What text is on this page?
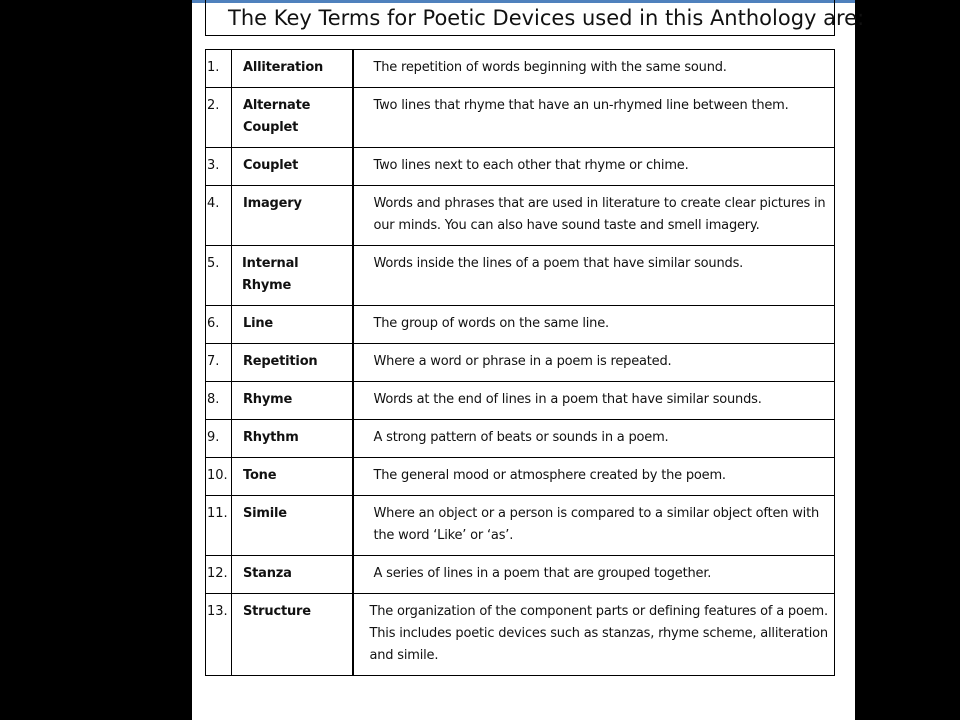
The Key Terms for Poetic Devices used in this Anthology are:
1.	Alliteration	The repetition of words beginning with the same sound.
2.	Alternate Couplet	Two lines that rhyme that have an un-rhymed line between them.
3.	Couplet	Two lines next to each other that rhyme or chime.
4.	Imagery	Words and phrases that are used in literature to create clear pictures in our minds. You can also have sound taste and smell imagery.
5.	Internal Rhyme	Words inside the lines of a poem that have similar sounds.
6.	Line	The group of words on the same line.
7.	Repetition	Where a word or phrase in a poem is repeated.
8.	Rhyme	Words at the end of lines in a poem that have similar sounds.
9.	Rhythm	A strong pattern of beats or sounds in a poem.
10.	Tone	The general mood or atmosphere created by the poem.
11.	Simile	Where an object or a person is compared to a similar object often with the word ‘Like’ or ‘as’.
12.	Stanza	A series of lines in a poem that are grouped together.
13.	Structure	The organization of the component parts or defining features of a poem. This includes poetic devices such as stanzas, rhyme scheme, alliteration and simile.
